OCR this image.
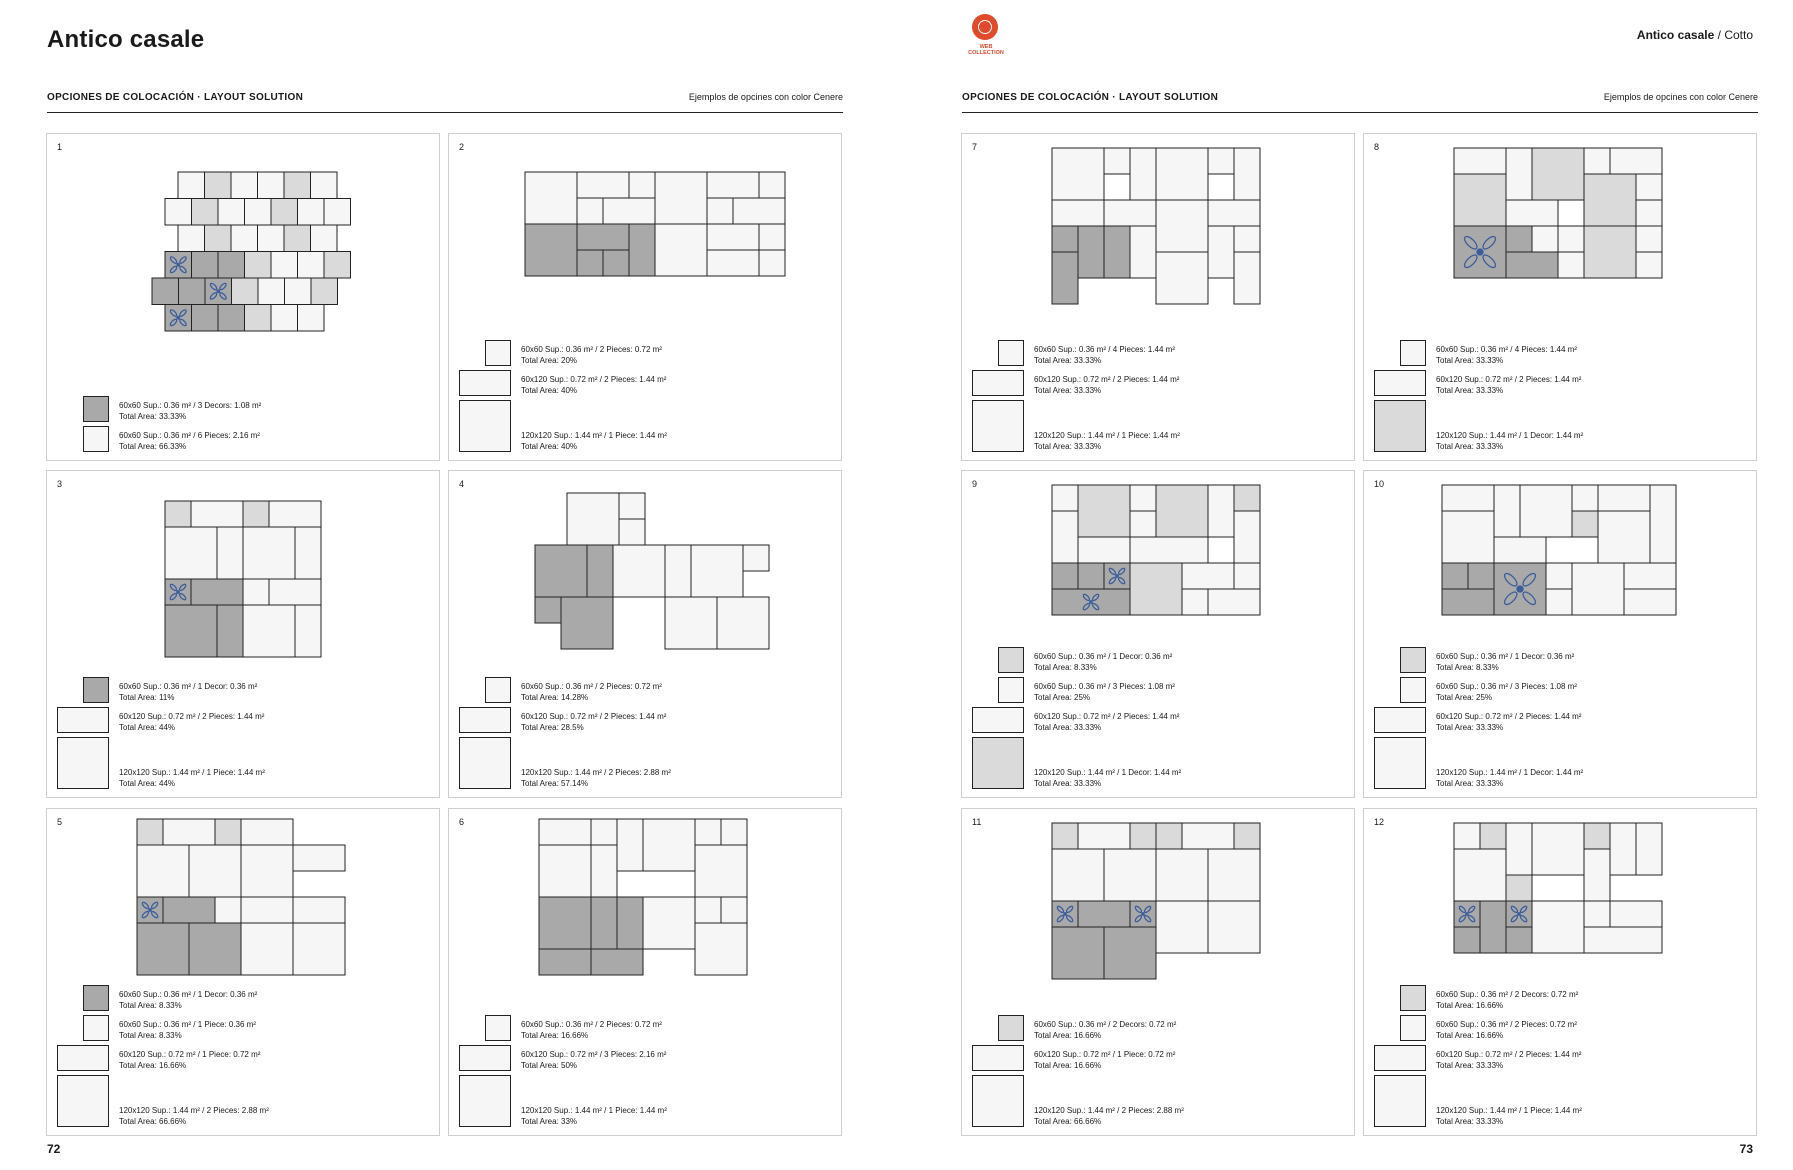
Antico casale	WEB COLLECTION
Antico casale / Cotto
OPCIONES DE COLOCACIÓN · LAYOUT SOLUTION	Ejemplos de opcines con color Cenere	OPCIONES DE COLOCACIÓN · LAYOUT SOLUTION	Ejemplos de opcines con color Cenere
1
60x60 Sup.: 0.36 m² / 3 Decors: 1.08 m²
Total Area: 33.33%
60x60 Sup.: 0.36 m² / 6 Pieces: 2.16 m²
Total Area: 66.33%
2
60x60 Sup.: 0.36 m² / 2 Pieces: 0.72 m²
Total Area: 20%
60x120 Sup.: 0.72 m² / 2 Pieces: 1.44 m²
Total Area: 40%
120x120 Sup.: 1.44 m² / 1 Piece: 1.44 m²
Total Area: 40%
3
60x60 Sup.: 0.36 m² / 1 Decor: 0.36 m²
Total Area: 11%
60x120 Sup.: 0.72 m² / 2 Pieces: 1.44 m²
Total Area: 44%
120x120 Sup.: 1.44 m² / 1 Piece: 1.44 m²
Total Area: 44%
4
60x60 Sup.: 0.36 m² / 2 Pieces: 0.72 m²
Total Area: 14.28%
60x120 Sup.: 0.72 m² / 2 Pieces: 1.44 m²
Total Area: 28.5%
120x120 Sup.: 1.44 m² / 2 Pieces: 2.88 m²
Total Area: 57.14%
5
60x60 Sup.: 0.36 m² / 1 Decor: 0.36 m²
Total Area: 8.33%
60x60 Sup.: 0.36 m² / 1 Piece: 0.36 m²
Total Area: 8.33%
60x120 Sup.: 0.72 m² / 1 Piece: 0.72 m²
Total Area: 16.66%
120x120 Sup.: 1.44 m² / 2 Pieces: 2.88 m²
Total Area: 66.66%
6
60x60 Sup.: 0.36 m² / 2 Pieces: 0.72 m²
Total Area: 16.66%
60x120 Sup.: 0.72 m² / 3 Pieces: 2.16 m²
Total Area: 50%
120x120 Sup.: 1.44 m² / 1 Piece: 1.44 m²
Total Area: 33%
7
60x60 Sup.: 0.36 m² / 4 Pieces: 1.44 m²
Total Area: 33.33%
60x120 Sup.: 0.72 m² / 2 Pieces: 1.44 m²
Total Area: 33.33%
120x120 Sup.: 1.44 m² / 1 Piece: 1.44 m²
Total Area: 33.33%
8
60x60 Sup.: 0.36 m² / 4 Pieces: 1.44 m²
Total Area: 33.33%
60x120 Sup.: 0.72 m² / 2 Pieces: 1.44 m²
Total Area: 33.33%
120x120 Sup.: 1.44 m² / 1 Decor: 1.44 m²
Total Area: 33.33%
9
60x60 Sup.: 0.36 m² / 1 Decor: 0.36 m²
Total Area: 8.33%
60x60 Sup.: 0.36 m² / 3 Pieces: 1.08 m²
Total Area: 25%
60x120 Sup.: 0.72 m² / 2 Pieces: 1.44 m²
Total Area: 33.33%
120x120 Sup.: 1.44 m² / 1 Decor: 1.44 m²
Total Area: 33.33%
10
60x60 Sup.: 0.36 m² / 1 Decor: 0.36 m²
Total Area: 8.33%
60x60 Sup.: 0.36 m² / 3 Pieces: 1.08 m²
Total Area: 25%
60x120 Sup.: 0.72 m² / 2 Pieces: 1.44 m²
Total Area: 33.33%
120x120 Sup.: 1.44 m² / 1 Decor: 1.44 m²
Total Area: 33.33%
11
60x60 Sup.: 0.36 m² / 2 Decors: 0.72 m²
Total Area: 16.66%
60x120 Sup.: 0.72 m² / 1 Piece: 0.72 m²
Total Area: 16.66%
120x120 Sup.: 1.44 m² / 2 Pieces: 2.88 m²
Total Area: 66.66%
12
60x60 Sup.: 0.36 m² / 2 Decors: 0.72 m²
Total Area: 16.66%
60x60 Sup.: 0.36 m² / 2 Pieces: 0.72 m²
Total Area: 16.66%
60x120 Sup.: 0.72 m² / 2 Pieces: 1.44 m²
Total Area: 33.33%
120x120 Sup.: 1.44 m² / 1 Piece: 1.44 m²
Total Area: 33.33%
72	73
